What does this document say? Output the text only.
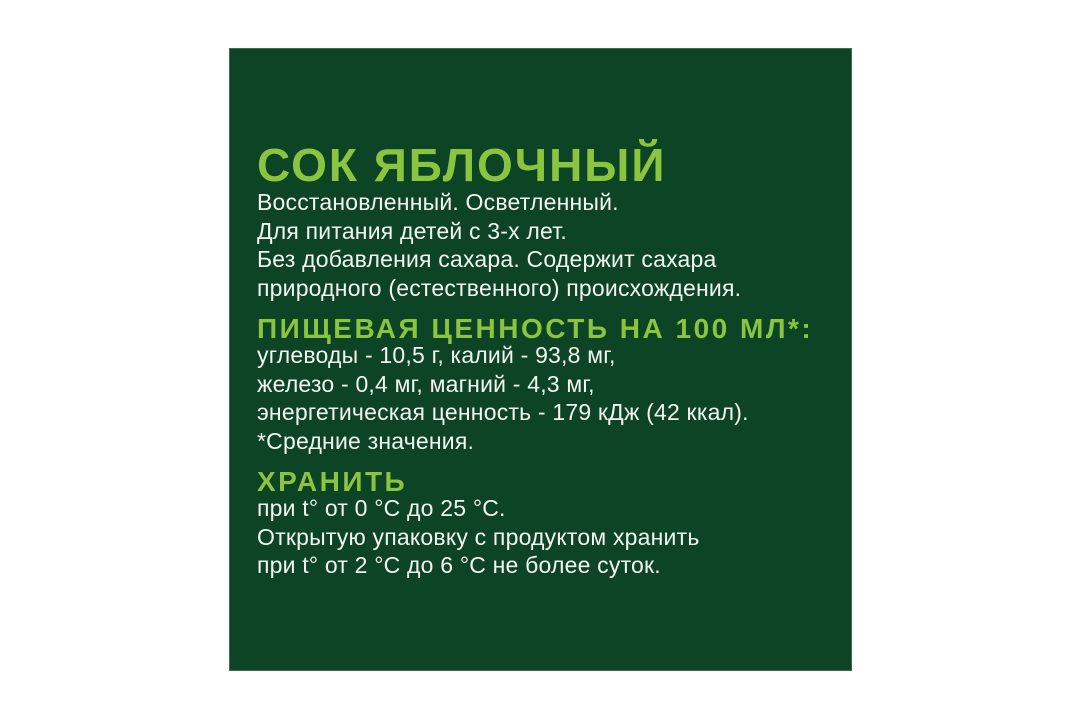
СОК ЯБЛОЧНЫЙ
Восстановленный. Осветленный.
Для питания детей с 3-х лет.
Без добавления сахара. Содержит сахара
природного (естественного) происхождения.
ПИЩЕВАЯ ЦЕННОСТЬ НА 100 МЛ*:
углеводы - 10,5 г, калий - 93,8 мг,
железо - 0,4 мг, магний - 4,3 мг,
энергетическая ценность - 179 кДж (42 ккал).
*Средние значения.
ХРАНИТЬ
при t° от 0 °С до 25 °С.
Открытую упаковку с продуктом хранить
при t° от 2 °С до 6 °С не более суток.
